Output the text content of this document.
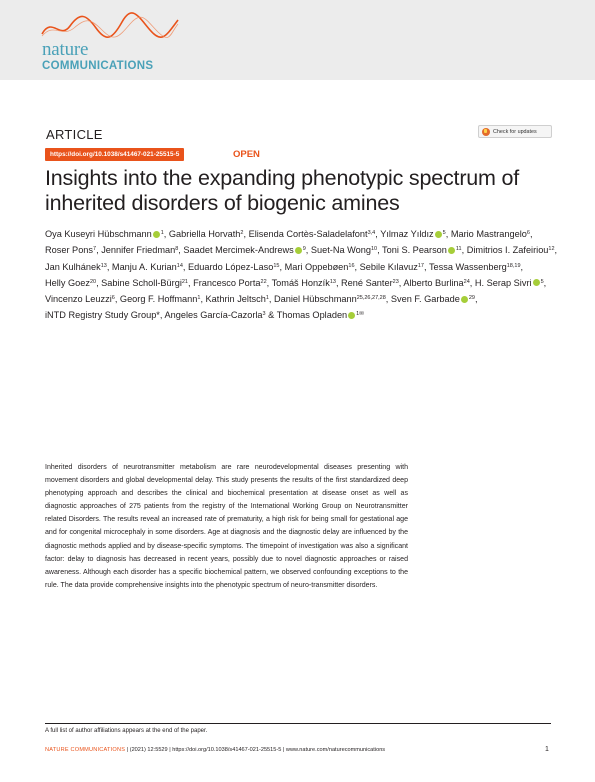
nature
COMMUNICATIONS
ARTICLE	Check for updates
https://doi.org/10.1038/s41467-021-25515-5	OPEN
Insights into the expanding phenotypic spectrum of inherited disorders of biogenic amines
Oya Kuseyri Hübschmann $^1$, Gabriella Horvath$^2$, Elisenda Cortès-Saladelafont$^{3,4}$, Yılmaz Yıldız $^5$, Mario Mastrangelo$^6$, Roser Pons$^7$, Jennifer Friedman$^8$, Saadet Mercimek-Andrews $^9$, Suet-Na Wong$^{10}$, Toni S. Pearson $^{11}$, Dimitrios I. Zafeiriou$^{12}$, Jan Kulhánek$^{13}$, Manju A. Kurian$^{14}$, Eduardo López-Laso$^{15}$, Mari Oppebøen$^{16}$, Sebile Kılavuz$^{17}$, Tessa Wassenberg$^{18,19}$, Helly Goez$^{20}$, Sabine Scholl-Bürgi$^{21}$, Francesco Porta$^{22}$, Tomáš Honzík$^{13}$, René Santer$^{23}$, Alberto Burlina$^{24}$, H. Serap Sivri $^5$, Vincenzo Leuzzi$^6$, Georg F. Hoffmann$^1$, Kathrin Jeltsch$^1$, Daniel Hübschmann$^{25,26,27,28}$, Sven F. Garbade $^{29}$, iNTD Registry Study Group*, Angeles García-Cazorla$^3$ & Thomas Opladen $^{1✉}$

Inherited disorders of neurotransmitter metabolism are rare neurodevelopmental diseases presenting with movement disorders and global developmental delay. This study presents the results of the first standardized deep phenotyping approach and describes the clinical and biochemical presentation at disease onset as well as diagnostic approaches of 275 patients from the registry of the International Working Group on Neurotransmitter related Disorders. The results reveal an increased rate of prematurity, a high risk for being small for gestational age and for congenital microcephaly in some disorders. Age at diagnosis and the diagnostic delay are influenced by the diagnostic methods applied and by disease-specific symptoms. The timepoint of investigation was also a significant factor: delay to diagnosis has decreased in recent years, possibly due to novel diagnostic approaches or raised awareness. Although each disorder has a specific biochemical pattern, we observed confounding exceptions to the rule. The data provide comprehensive insights into the phenotypic spectrum of neuro-transmitter disorders.

A full list of author affiliations appears at the end of the paper.
NATURE COMMUNICATIONS | (2021) 12:5529 | https://doi.org/10.1038/s41467-021-25515-5 | www.nature.com/naturecommunications	1
